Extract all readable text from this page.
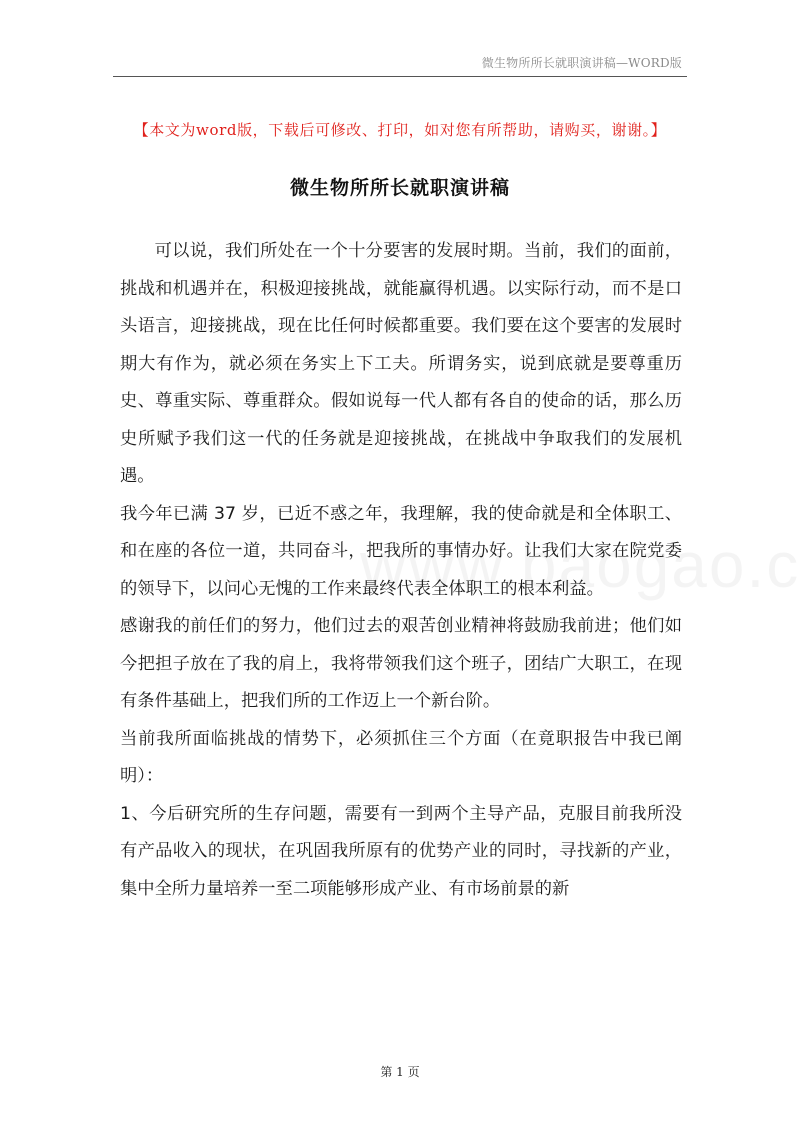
微生物所所长就职演讲稿—WORD版
【本文为word版，下载后可修改、打印，如对您有所帮助，请购买，谢谢。】
微生物所所长就职演讲稿

可以说，我们所处在一个十分要害的发展时期。当前，我们的面前，挑战和机遇并在，积极迎接挑战，就能赢得机遇。以实际行动，而不是口头语言，迎接挑战，现在比任何时候都重要。我们要在这个要害的发展时期大有作为，就必须在务实上下工夫。所谓务实，说到底就是要尊重历史、尊重实际、尊重群众。假如说每一代人都有各自的使命的话，那么历史所赋予我们这一代的任务就是迎接挑战，在挑战中争取我们的发展机遇。

我今年已满 37 岁，已近不惑之年，我理解，我的使命就是和全体职工、和在座的各位一道，共同奋斗，把我所的事情办好。让我们大家在院党委的领导下，以问心无愧的工作来最终代表全体职工的根本利益。

感谢我的前任们的努力，他们过去的艰苦创业精神将鼓励我前进；他们如今把担子放在了我的肩上，我将带领我们这个班子，团结广大职工，在现有条件基础上，把我们所的工作迈上一个新台阶。

当前我所面临挑战的情势下，必须抓住三个方面（在竟职报告中我已阐明）：

1、今后研究所的生存问题，需要有一到两个主导产品，克服目前我所没有产品收入的现状，在巩固我所原有的优势产业的同时，寻找新的产业，集中全所力量培养一至二项能够形成产业、有市场前景的新

第 1 页
